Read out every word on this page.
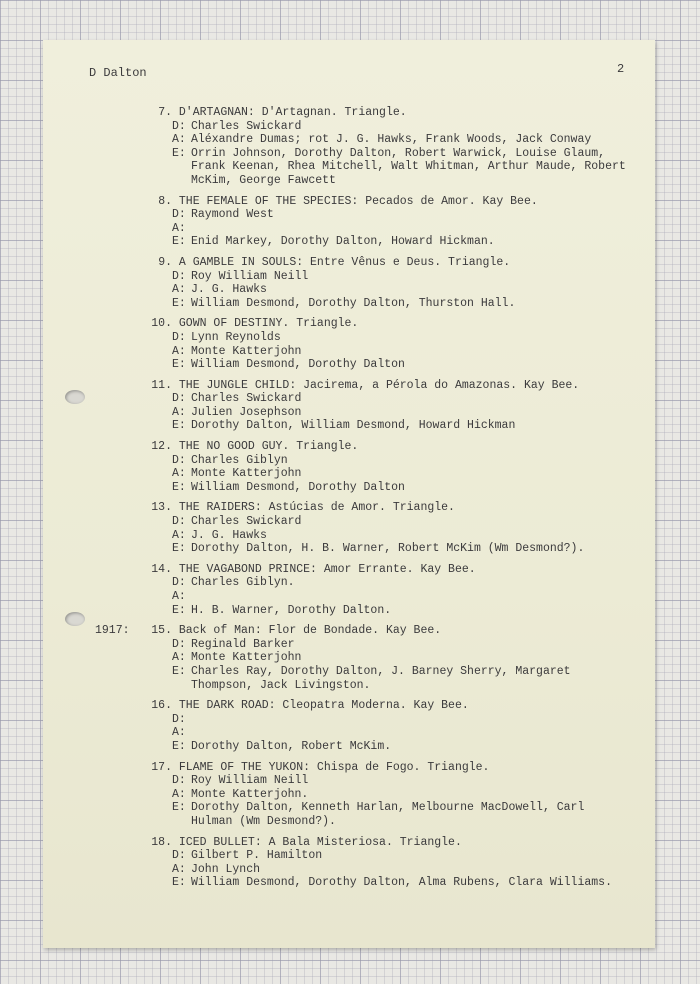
D Dalton	2
7. D'ARTAGNAN: D'Artagnan. Triangle.
D: Charles Swickard
A: Aléxandre Dumas; rot J. G. Hawks, Frank Woods, Jack Conway
E: Orrin Johnson, Dorothy Dalton, Robert Warwick, Louise Glaum, Frank Keenan, Rhea Mitchell, Walt Whitman, Arthur Maude, Robert McKim, George Fawcett
8. THE FEMALE OF THE SPECIES: Pecados de Amor. Kay Bee.
D: Raymond West
A:
E: Enid Markey, Dorothy Dalton, Howard Hickman.
9. A GAMBLE IN SOULS: Entre Vênus e Deus. Triangle.
D: Roy William Neill
A: J. G. Hawks
E: William Desmond, Dorothy Dalton, Thurston Hall.
10. GOWN OF DESTINY. Triangle.
D: Lynn Reynolds
A: Monte Katterjohn
E: William Desmond, Dorothy Dalton
11. THE JUNGLE CHILD: Jacirema, a Pérola do Amazonas. Kay Bee.
D: Charles Swickard
A: Julien Josephson
E: Dorothy Dalton, William Desmond, Howard Hickman
12. THE NO GOOD GUY. Triangle.
D: Charles Giblyn
A: Monte Katterjohn
E: William Desmond, Dorothy Dalton
13. THE RAIDERS: Astúcias de Amor. Triangle.
D: Charles Swickard
A: J. G. Hawks
E: Dorothy Dalton, H. B. Warner, Robert McKim (Wm Desmond?).
14. THE VAGABOND PRINCE: Amor Errante. Kay Bee.
D: Charles Giblyn.
A:
E: H. B. Warner, Dorothy Dalton.
1917:	15. Back of Man: Flor de Bondade. Kay Bee.
D: Reginald Barker
A: Monte Katterjohn
E: Charles Ray, Dorothy Dalton, J. Barney Sherry, Margaret Thompson, Jack Livingston.
16. THE DARK ROAD: Cleopatra Moderna. Kay Bee.
D:
A:
E: Dorothy Dalton, Robert McKim.
17. FLAME OF THE YUKON: Chispa de Fogo. Triangle.
D: Roy William Neill
A: Monte Katterjohn.
E: Dorothy Dalton, Kenneth Harlan, Melbourne MacDowell, Carl Hulman (Wm Desmond?).
18. ICED BULLET: A Bala Misteriosa. Triangle.
D: Gilbert P. Hamilton
A: John Lynch
E: William Desmond, Dorothy Dalton, Alma Rubens, Clara Williams.
